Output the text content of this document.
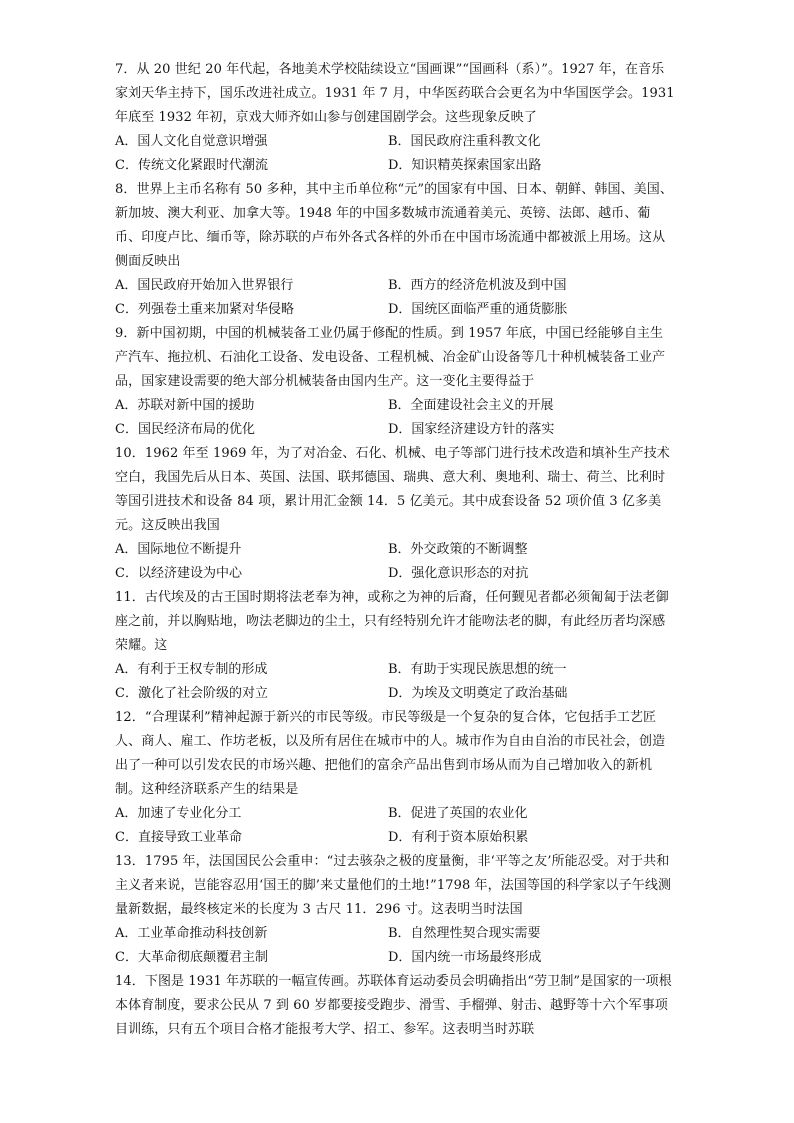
7．从 20 世纪 20 年代起，各地美术学校陆续设立“国画课”“国画科（系）”。1927 年，在音乐家刘天华主持下，国乐改进社成立。1931 年 7 月，中华医药联合会更名为中华国医学会。1931年底至 1932 年初，京戏大师齐如山参与创建国剧学会。这些现象反映了

A．国人文化自觉意识增强	B．国民政府注重科教文化
C．传统文化紧跟时代潮流	D．知识精英探索国家出路

8．世界上主币名称有 50 多种，其中主币单位称“元”的国家有中国、日本、朝鲜、韩国、美国、新加坡、澳大利亚、加拿大等。1948 年的中国多数城市流通着美元、英镑、法郎、越币、葡币、印度卢比、缅币等，除苏联的卢布外各式各样的外币在中国市场流通中都被派上用场。这从侧面反映出

A．国民政府开始加入世界银行	B．西方的经济危机波及到中国
C．列强卷土重来加紧对华侵略	D．国统区面临严重的通货膨胀

9．新中国初期，中国的机械装备工业仍属于修配的性质。到 1957 年底，中国已经能够自主生产汽车、拖拉机、石油化工设备、发电设备、工程机械、冶金矿山设备等几十种机械装备工业产品，国家建设需要的绝大部分机械装备由国内生产。这一变化主要得益于

A．苏联对新中国的援助	B．全面建设社会主义的开展
C．国民经济布局的优化	D．国家经济建设方针的落实

10．1962 年至 1969 年，为了对冶金、石化、机械、电子等部门进行技术改造和填补生产技术空白，我国先后从日本、英国、法国、联邦德国、瑞典、意大利、奥地利、瑞士、荷兰、比利时等国引进技术和设备 84 项，累计用汇金额 14．5 亿美元。其中成套设备 52 项价值 3 亿多美元。这反映出我国

A．国际地位不断提升	B．外交政策的不断调整
C．以经济建设为中心	D．强化意识形态的对抗

11．古代埃及的古王国时期将法老奉为神，或称之为神的后裔，任何觐见者都必须匍匐于法老御座之前，并以胸贴地，吻法老脚边的尘土，只有经特别允许才能吻法老的脚，有此经历者均深感荣耀。这

A．有利于王权专制的形成	B．有助于实现民族思想的统一
C．激化了社会阶级的对立	D．为埃及文明奠定了政治基础

12．“合理谋利”精神起源于新兴的市民等级。市民等级是一个复杂的复合体，它包括手工艺匠人、商人、雇工、作坊老板，以及所有居住在城市中的人。城市作为自由自治的市民社会，创造出了一种可以引发农民的市场兴趣、把他们的富余产品出售到市场从而为自己增加收入的新机制。这种经济联系产生的结果是

A．加速了专业化分工	B．促进了英国的农业化
C．直接导致工业革命	D．有利于资本原始积累

13．1795 年，法国国民公会重申：“过去骇杂之极的度量衡，非‘平等之友’所能忍受。对于共和主义者来说，岂能容忍用‘国王的脚’来丈量他们的土地!”1798 年，法国等国的科学家以子午线测量新数据，最终核定米的长度为 3 古尺 11．296 寸。这表明当时法国

A．工业革命推动科技创新	B．自然理性契合现实需要
C．大革命彻底颠覆君主制	D．国内统一市场最终形成

14．下图是 1931 年苏联的一幅宣传画。苏联体育运动委员会明确指出“劳卫制”是国家的一项根本体育制度，要求公民从 7 到 60 岁都要接受跑步、滑雪、手榴弹、射击、越野等十六个军事项目训练，只有五个项目合格才能报考大学、招工、参军。这表明当时苏联
